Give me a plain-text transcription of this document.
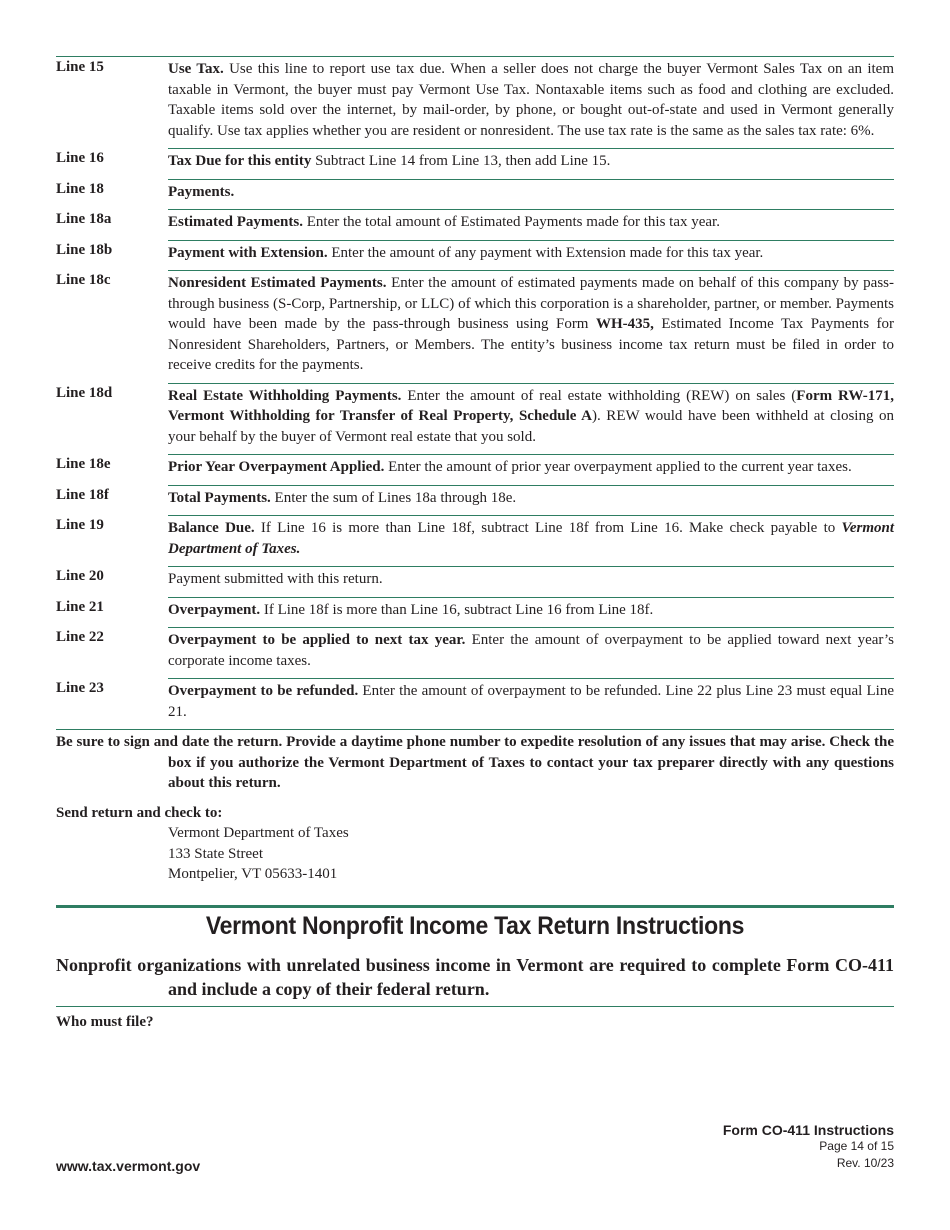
Line 15	Use Tax. Use this line to report use tax due. When a seller does not charge the buyer Vermont Sales Tax on an item taxable in Vermont, the buyer must pay Vermont Use Tax. Nontaxable items such as food and clothing are excluded. Taxable items sold over the internet, by mail-order, by phone, or bought out-of-state and used in Vermont generally qualify. Use tax applies whether you are resident or nonresident. The use tax rate is the same as the sales tax rate: 6%.
Line 16	Tax Due for this entity Subtract Line 14 from Line 13, then add Line 15.
Line 18	Payments.
Line 18a	Estimated Payments. Enter the total amount of Estimated Payments made for this tax year.
Line 18b	Payment with Extension. Enter the amount of any payment with Extension made for this tax year.
Line 18c	Nonresident Estimated Payments. Enter the amount of estimated payments made on behalf of this company by pass-through business (S-Corp, Partnership, or LLC) of which this corporation is a shareholder, partner, or member. Payments would have been made by the pass-through business using Form WH-435, Estimated Income Tax Payments for Nonresident Shareholders, Partners, or Members. The entity’s business income tax return must be filed in order to receive credits for the payments.
Line 18d	Real Estate Withholding Payments. Enter the amount of real estate withholding (REW) on sales (Form RW-171, Vermont Withholding for Transfer of Real Property, Schedule A). REW would have been withheld at closing on your behalf by the buyer of Vermont real estate that you sold.
Line 18e	Prior Year Overpayment Applied. Enter the amount of prior year overpayment applied to the current year taxes.
Line 18f	Total Payments. Enter the sum of Lines 18a through 18e.
Line 19	Balance Due. If Line 16 is more than Line 18f, subtract Line 18f from Line 16. Make check payable to Vermont Department of Taxes.
Line 20	Payment submitted with this return.
Line 21	Overpayment. If Line 18f is more than Line 16, subtract Line 16 from Line 18f.
Line 22	Overpayment to be applied to next tax year. Enter the amount of overpayment to be applied toward next year’s corporate income taxes.
Line 23	Overpayment to be refunded. Enter the amount of overpayment to be refunded. Line 22 plus Line 23 must equal Line 21.
Be sure to sign and date the return. Provide a daytime phone number to expedite resolution of any issues that may arise. Check the box if you authorize the Vermont Department of Taxes to contact your tax preparer directly with any questions about this return.
Send return and check to:
Vermont Department of Taxes
133 State Street
Montpelier, VT 05633-1401
Vermont Nonprofit Income Tax Return Instructions
Nonprofit organizations with unrelated business income in Vermont are required to complete Form CO-411 and include a copy of their federal return.
Who must file?
Form CO-411 Instructions
Page 14 of 15
Rev. 10/23
www.tax.vermont.gov
